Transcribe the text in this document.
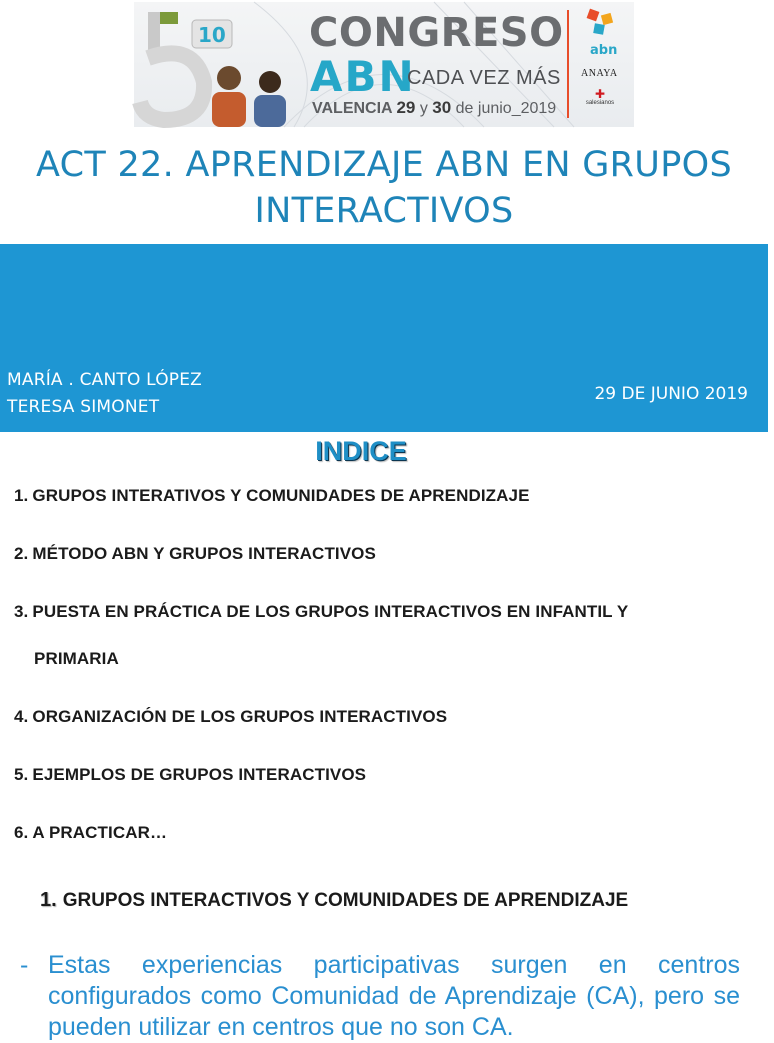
10 CONGRESO
ABN
CADA VEZ MÁS
VALENCIA 29 y 30 de junio_2019
abn
ANAYA
✚
salesianos
ACT 22. APRENDIZAJE ABN EN GRUPOS
INTERACTIVOS
MARÍA . CANTO LÓPEZ
TERESA SIMONET
29 DE JUNIO 2019
INDICE
1. GRUPOS INTERATIVOS Y COMUNIDADES DE APRENDIZAJE
2. MÉTODO ABN Y GRUPOS INTERACTIVOS
3. PUESTA EN PRÁCTICA DE LOS GRUPOS INTERACTIVOS EN INFANTIL Y
PRIMARIA
4. ORGANIZACIÓN DE LOS GRUPOS INTERACTIVOS
5. EJEMPLOS DE GRUPOS INTERACTIVOS
6. A PRACTICAR…
1. GRUPOS INTERACTIVOS Y COMUNIDADES DE APRENDIZAJE
- Estas experiencias participativas surgen en centros configurados como Comunidad de Aprendizaje (CA), pero se pueden utilizar en centros que no son CA.
